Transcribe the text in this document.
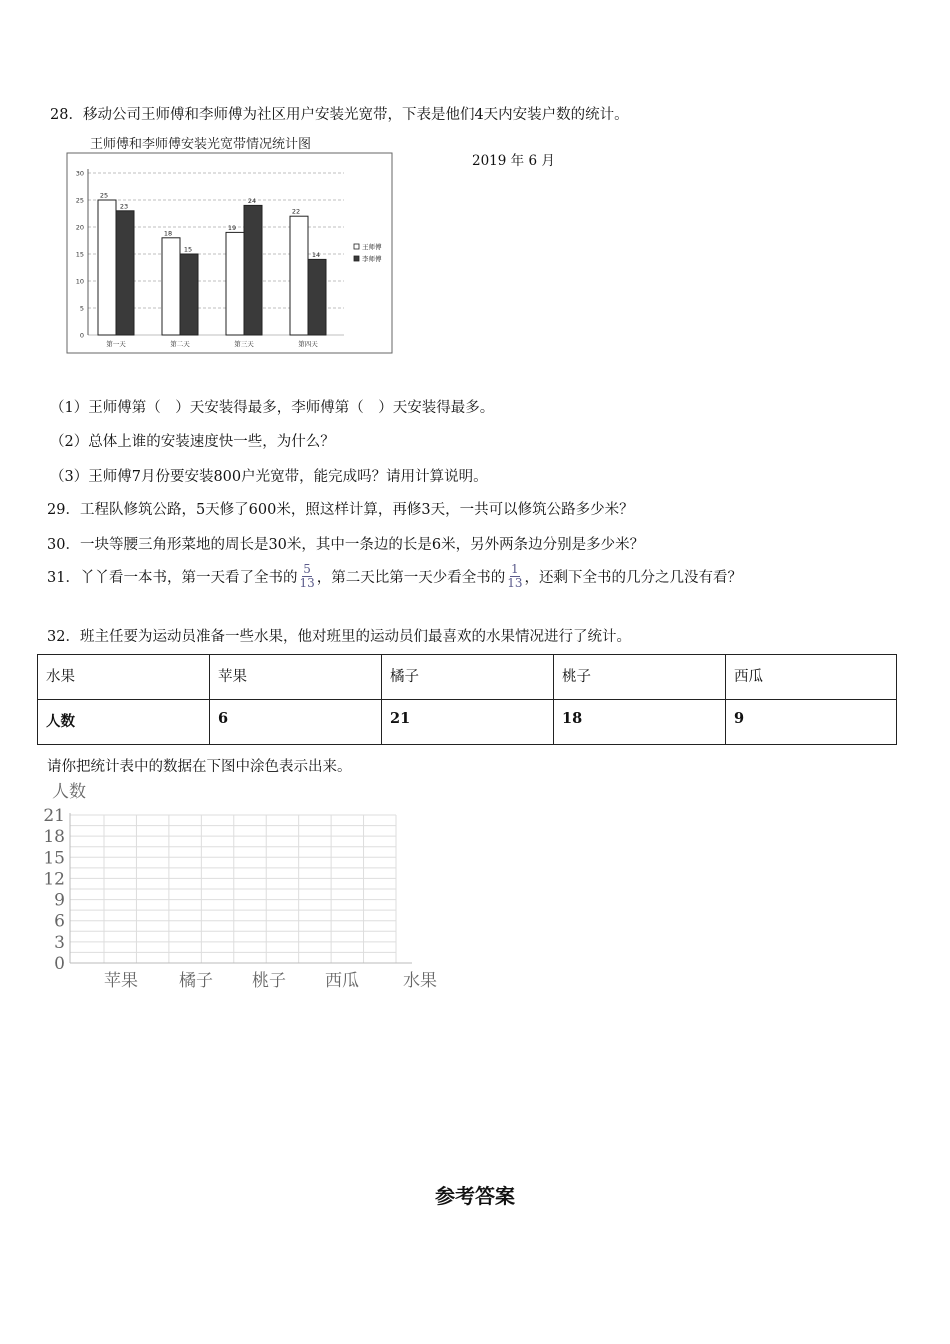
28．移动公司王师傅和李师傅为社区用户安装光宽带，下表是他们4天内安装户数的统计。
王师傅和李师傅安装光宽带情况统计图
0
5
10
15
20
25
30
25
23
第一天
18
15
第二天
19
24
第三天
22
14
第四天
王师傅
李师傅
2019 年 6 月
（1）王师傅第（　）天安装得最多，李师傅第（　）天安装得最多。
（2）总体上谁的安装速度快一些，为什么？
（3）王师傅7月份要安装800户光宽带，能完成吗？请用计算说明。
29．工程队修筑公路，5天修了600米，照这样计算，再修3天，一共可以修筑公路多少米？
30．一块等腰三角形菜地的周长是30米，其中一条边的长是6米，另外两条边分别是多少米？
31．丫丫看一本书，第一天看了全书的 $\frac{5}{13}$ ，第二天比第一天少看全书的 $\frac{1}{13}$ ，还剩下全书的几分之几没有看？
32．班主任要为运动员准备一些水果，他对班里的运动员们最喜欢的水果情况进行了统计。
水果	苹果	橘子	桃子	西瓜
人数	6	21	18	9
请你把统计表中的数据在下图中涂色表示出来。
0
3
6
9
12
15
18
21
人数
苹果 橘子 桃子 西瓜	水果
参考答案
